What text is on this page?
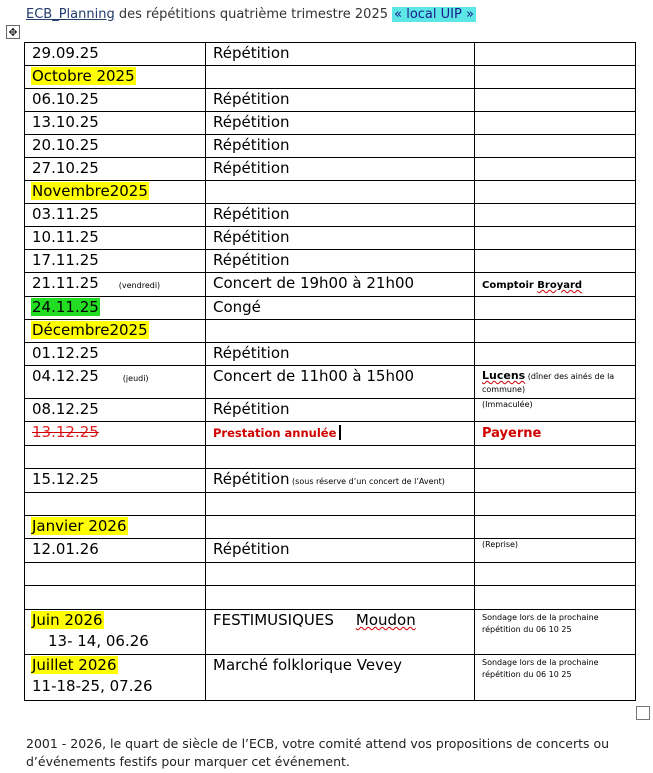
ECB_Planning des répétitions quatrième trimestre 2025 « local UIP »
✥
29.09.25	Répétition	
Octobre 2025		
06.10.25	Répétition	
13.10.25	Répétition	
20.10.25	Répétition	
27.10.25	Répétition	
Novembre2025		
03.11.25	Répétition	
10.11.25	Répétition	
17.11.25	Répétition	
21.11.25 (vendredi)	Concert de 19h00 à 21h00	Comptoir Broyard
24.11.25	Congé	
Décembre2025		
01.12.25	Répétition	
04.12.25 (jeudi)	Concert de 11h00 à 15h00	Lucens (dîner des ainés de la commune)
08.12.25	Répétition	$^{(Immaculée)}$
13.12.25	Prestation annulée	Payerne

15.12.25	Répétition (sous réserve d’un concert de l’Avent)	

Janvier 2026		
12.01.26	Répétition	$^{(Reprise)}$

Juin 2026
13- 14, 06.26	FESTIMUSIQUES Moudon	Sondage lors de la prochaine répétition du 06 10 25
Juillet 2026
11-18-25, 07.26	Marché folklorique Vevey	Sondage lors de la prochaine répétition du 06 10 25
2001 - 2026, le quart de siècle de l’ECB, votre comité attend vos propositions de concerts ou d’événements festifs pour marquer cet événement.
